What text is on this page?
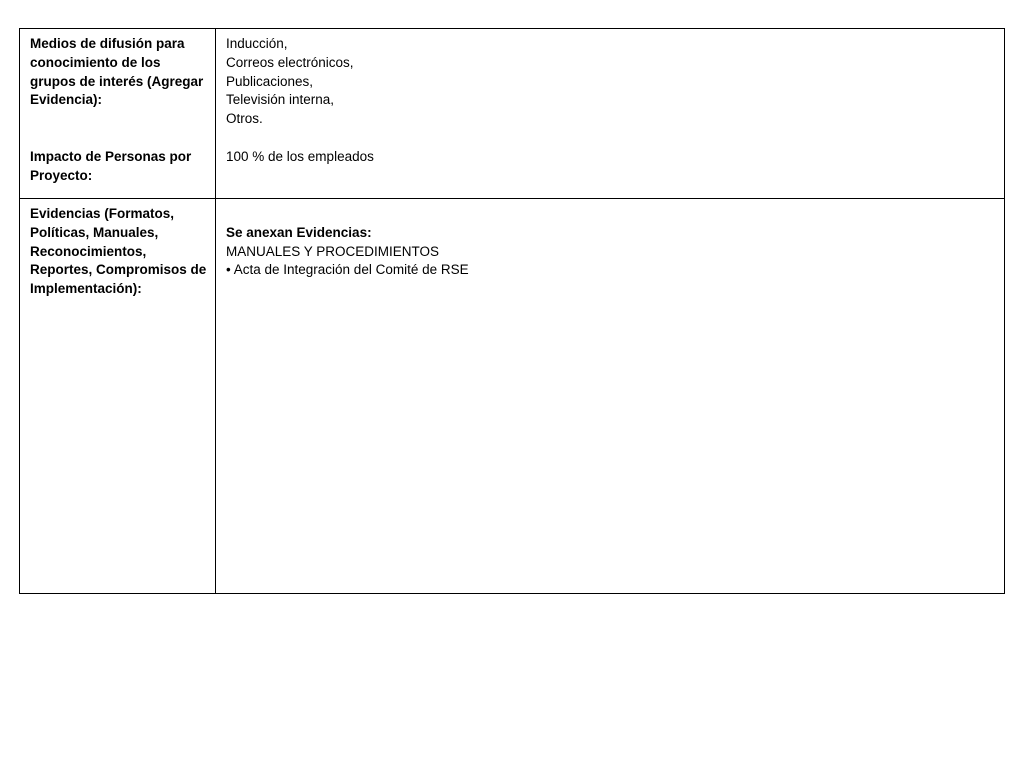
Medios de difusión para conocimiento de los grupos de interés (Agregar Evidencia):
Impacto de Personas por Proyecto:
Inducción,
Correos electrónicos,
Publicaciones,
Televisión interna,
Otros.
100 % de los empleados
Evidencias (Formatos, Políticas, Manuales, Reconocimientos, Reportes, Compromisos de Implementación):
Se anexan Evidencias:
MANUALES Y PROCEDIMIENTOS
• Acta de Integración del Comité de RSE
